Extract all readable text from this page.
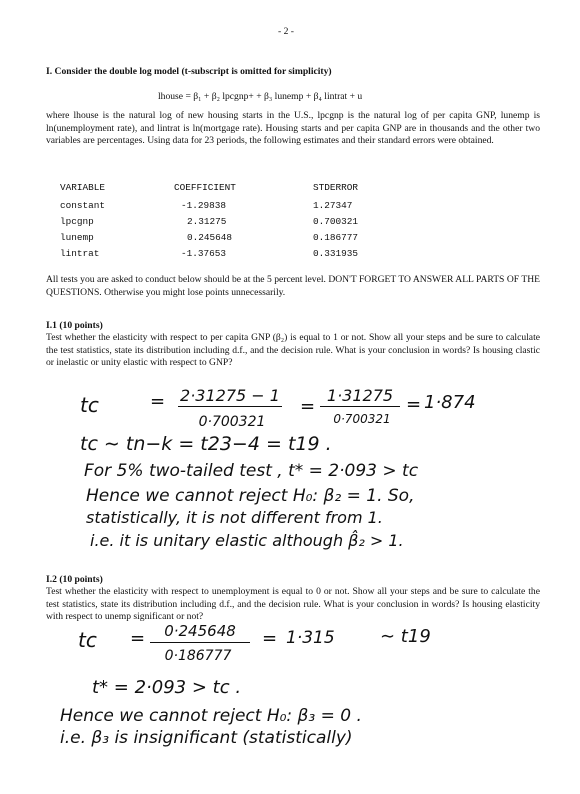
- 2 -
I. Consider the double log model (t-subscript is omitted for simplicity)
lhouse = β₁ + β₂ lpcgnp+ + β₃ lunemp + β₄ lintrat + u
where lhouse is the natural log of new housing starts in the U.S., lpcgnp is the natural log of per capita GNP, lunemp is ln(unemployment rate), and lintrat is ln(mortgage rate). Housing starts and per capita GNP are in thousands and the other two variables are percentages. Using data for 23 periods, the following estimates and their standard errors were obtained.
VARIABLE	COEFFICIENT	STDERROR
constant	-1.29838	1.27347
lpcgnp	2.31275	0.700321
lunemp	0.245648	0.186777
lintrat	-1.37653	0.331935
All tests you are asked to conduct below should be at the 5 percent level. DON'T FORGET TO ANSWER ALL PARTS OF THE QUESTIONS. Otherwise you might lose points unnecessarily.
I.1 (10 points)
Test whether the elasticity with respect to per capita GNP (β₂) is equal to 1 or not. Show all your steps and be sure to calculate the test statistics, state its distribution including d.f., and the decision rule. What is your conclusion in words? Is housing clastic or inelastic or unity elastic with respect to GNP?
tc	= 2·31275 − 1
0·700321
=
1·31275
0·700321
= 1·874
tc ∼ tn−k = t23−4 = t19 .
For 5% two-tailed test , t* = 2·093 > tc
Hence we cannot reject H₀: β₂ = 1. So,
statistically, it is not different from 1.
i.e. it is unitary elastic although β̂₂ > 1.
I.2 (10 points)
Test whether the elasticity with respect to unemployment is equal to 0 or not. Show all your steps and be sure to calculate the test statistics, state its distribution including d.f., and the decision rule. What is your conclusion in words? Is housing elasticity with respect to unemp significant or not?
tc =	0·245648
0·186777
= 1·315	∼ t19
t* = 2·093 > tc .
Hence we cannot reject H₀: β₃ = 0 .
i.e. β₃ is insignificant (statistically)
